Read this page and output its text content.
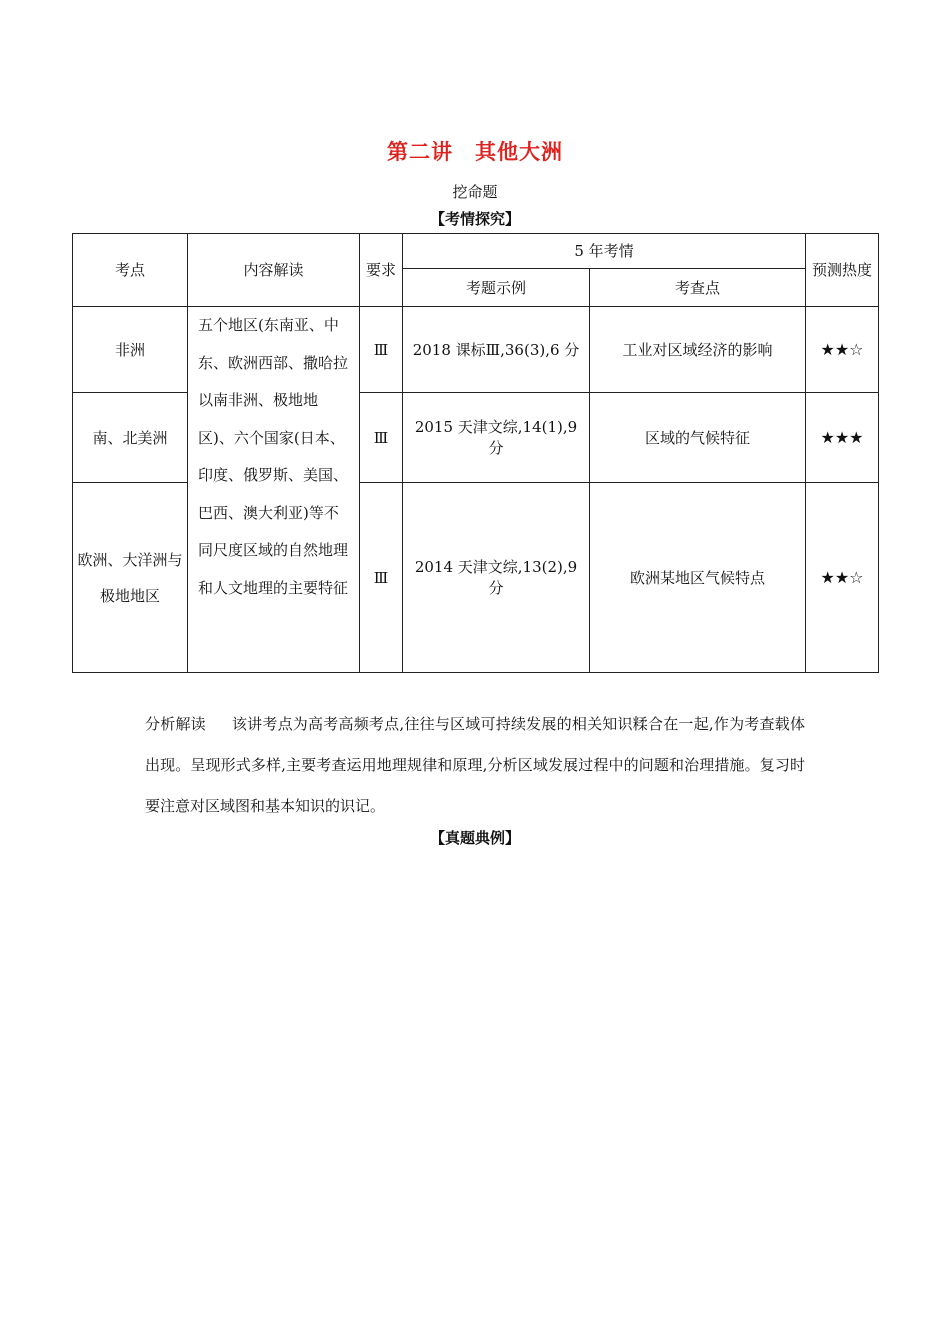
第二讲　其他大洲
挖命题
【考情探究】
考点	内容解读	要求	5 年考情		预测热度
			考题示例	考查点	
非洲	五个地区(东南亚、中东、欧洲西部、撒哈拉以南非洲、极地地区)、六个国家(日本、印度、俄罗斯、美国、巴西、澳大利亚)等不同尺度区域的自然地理和人文地理的主要特征	Ⅲ	2018 课标Ⅲ,36(3),6 分	工业对区域经济的影响	★★☆
南、北美洲		Ⅲ	2015 天津文综,14(1),9 分	区域的气候特征	★★★
欧洲、大洋洲与极地地区		Ⅲ	2014 天津文综,13(2),9 分	欧洲某地区气候特点	★★☆
分析解读 该讲考点为高考高频考点,往往与区域可持续发展的相关知识糅合在一起,作为考查载体出现。呈现形式多样,主要考查运用地理规律和原理,分析区域发展过程中的问题和治理措施。复习时要注意对区域图和基本知识的识记。
【真题典例】
